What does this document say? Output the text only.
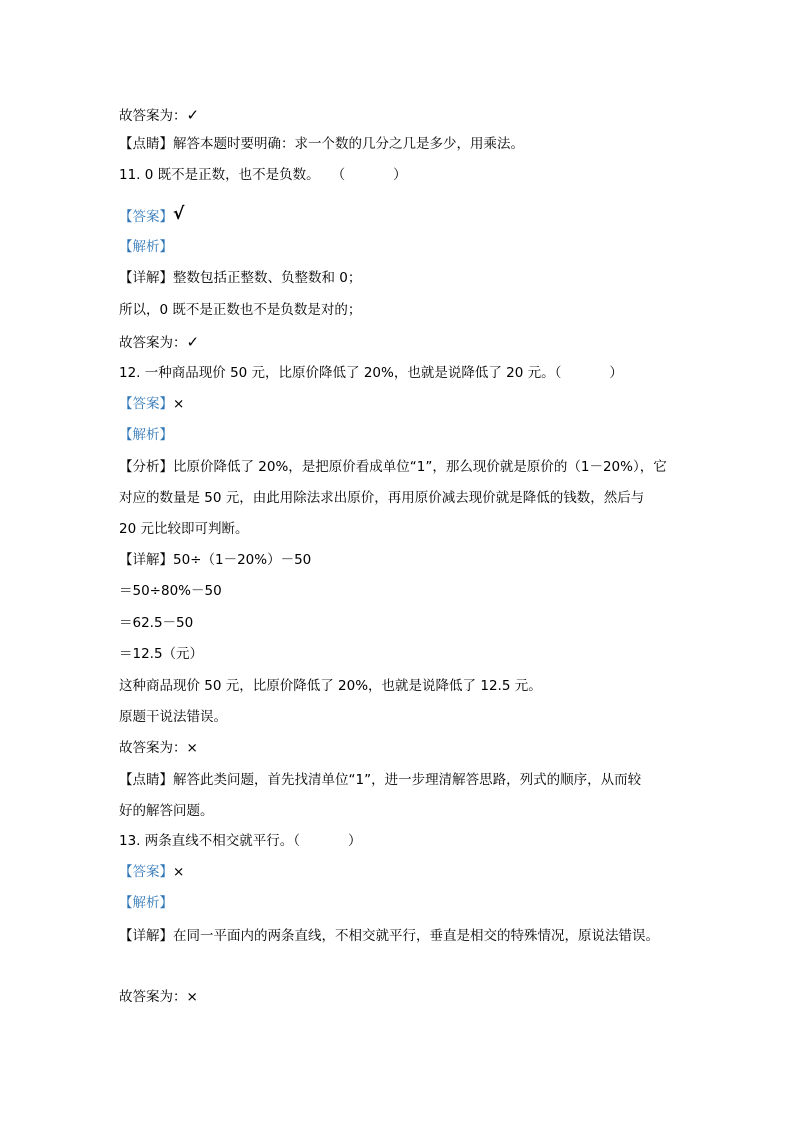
故答案为：✓
【点睛】解答本题时要明确：求一个数的几分之几是多少，用乘法。
11. 0 既不是正数，也不是负数。 （	）
【答案】√
【解析】
【详解】整数包括正整数、负整数和 0；
所以，0 既不是正数也不是负数是对的；
故答案为：✓
12. 一种商品现价 50 元，比原价降低了 20%，也就是说降低了 20 元。（	）
【答案】×
【解析】
【分析】比原价降低了 20%，是把原价看成单位“1”，那么现价就是原价的（1－20%），它
对应的数量是 50 元，由此用除法求出原价，再用原价减去现价就是降低的钱数，然后与
20 元比较即可判断。
【详解】50÷（1－20%）－50
＝50÷80%－50
＝62.5－50
＝12.5（元）
这种商品现价 50 元，比原价降低了 20%，也就是说降低了 12.5 元。
原题干说法错误。
故答案为：×
【点睛】解答此类问题，首先找清单位“1”，进一步理清解答思路，列式的顺序，从而较
好的解答问题。
13. 两条直线不相交就平行。（	）
【答案】×
【解析】
【详解】在同一平面内的两条直线，不相交就平行，垂直是相交的特殊情况，原说法错误。
故答案为：×
